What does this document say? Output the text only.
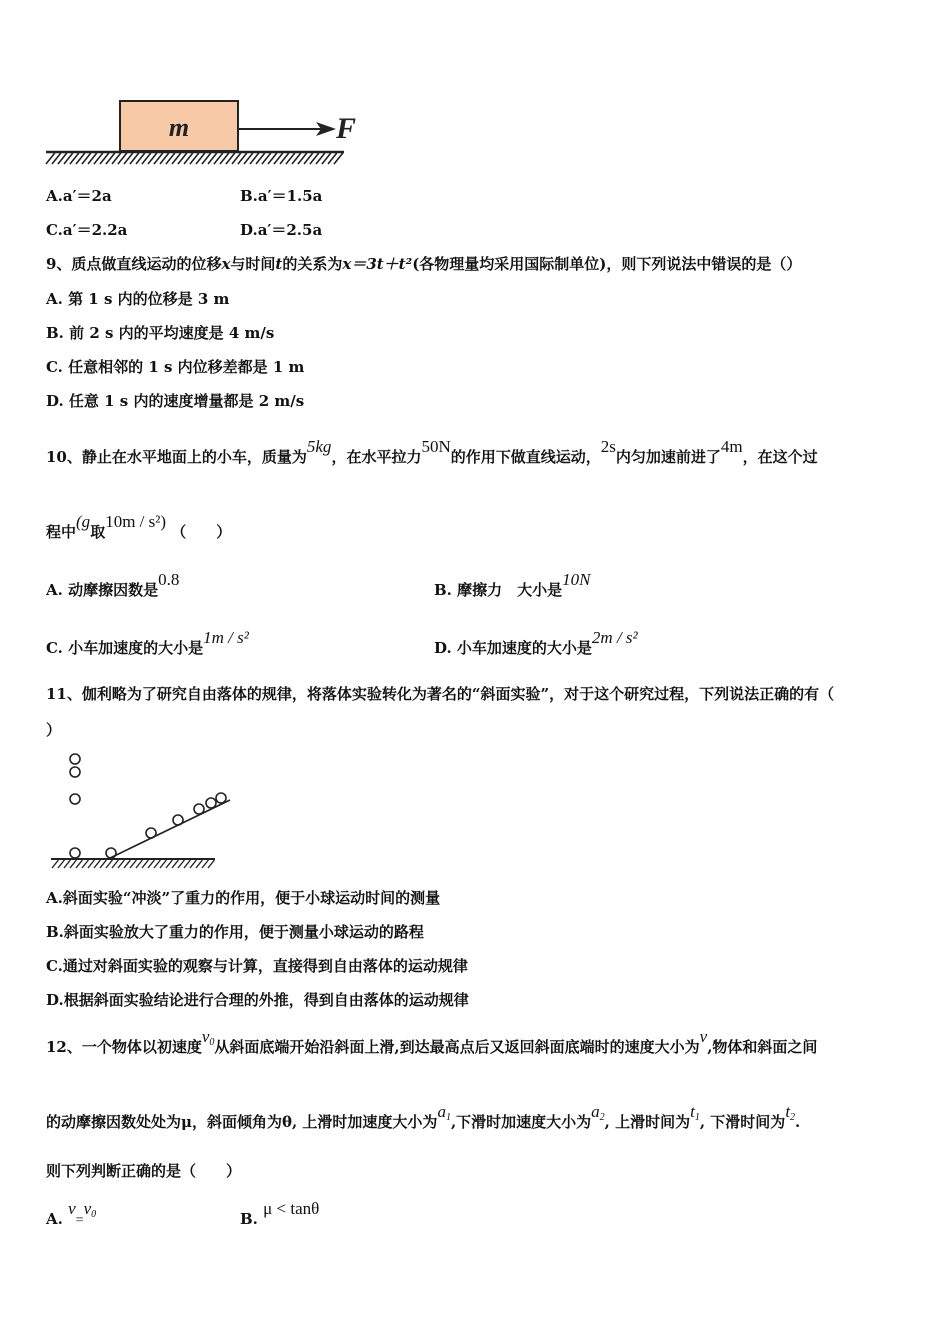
m	F
A.a′＝2a	B.a′＝1.5a
C.a′＝2.2a	D.a′＝2.5a
9、质点做直线运动的位移x与时间t的关系为x＝3t＋t²(各物理量均采用国际制单位)，则下列说法中错误的是（）
A. 第 1 s 内的位移是 3 m
B. 前 2 s 内的平均速度是 4 m/s
C. 任意相邻的 1 s 内位移差都是 1 m
D. 任意 1 s 内的速度增量都是 2 m/s
10、静止在水平地面上的小车，质量为5kg，在水平拉力50N的作用下做直线运动，2s内匀加速前进了4m，在这个过
程中(g取10m / s²) （　　）
A. 动摩擦因数是0.8
B. 摩擦力　大小是10N
C. 小车加速度的大小是1m / s²
D. 小车加速度的大小是2m / s²
11、伽利略为了研究自由落体的规律，将落体实验转化为著名的“斜面实验”，对于这个研究过程，下列说法正确的有（
）
A.斜面实验“冲淡”了重力的作用，便于小球运动时间的测量
B.斜面实验放大了重力的作用，便于测量小球运动的路程
C.通过对斜面实验的观察与计算，直接得到自由落体的运动规律
D.根据斜面实验结论进行合理的外推，得到自由落体的运动规律
12、一个物体以初速度v0从斜面底端开始沿斜面上滑,到达最高点后又返回斜面底端时的速度大小为v,物体和斜面之间
的动摩擦因数处处为μ，斜面倾角为θ, 上滑时加速度大小为a1,下滑时加速度大小为a2, 上滑时间为t1, 下滑时间为t2.
则下列判断正确的是（　　）
A. v=v0	B. μ < tanθ
